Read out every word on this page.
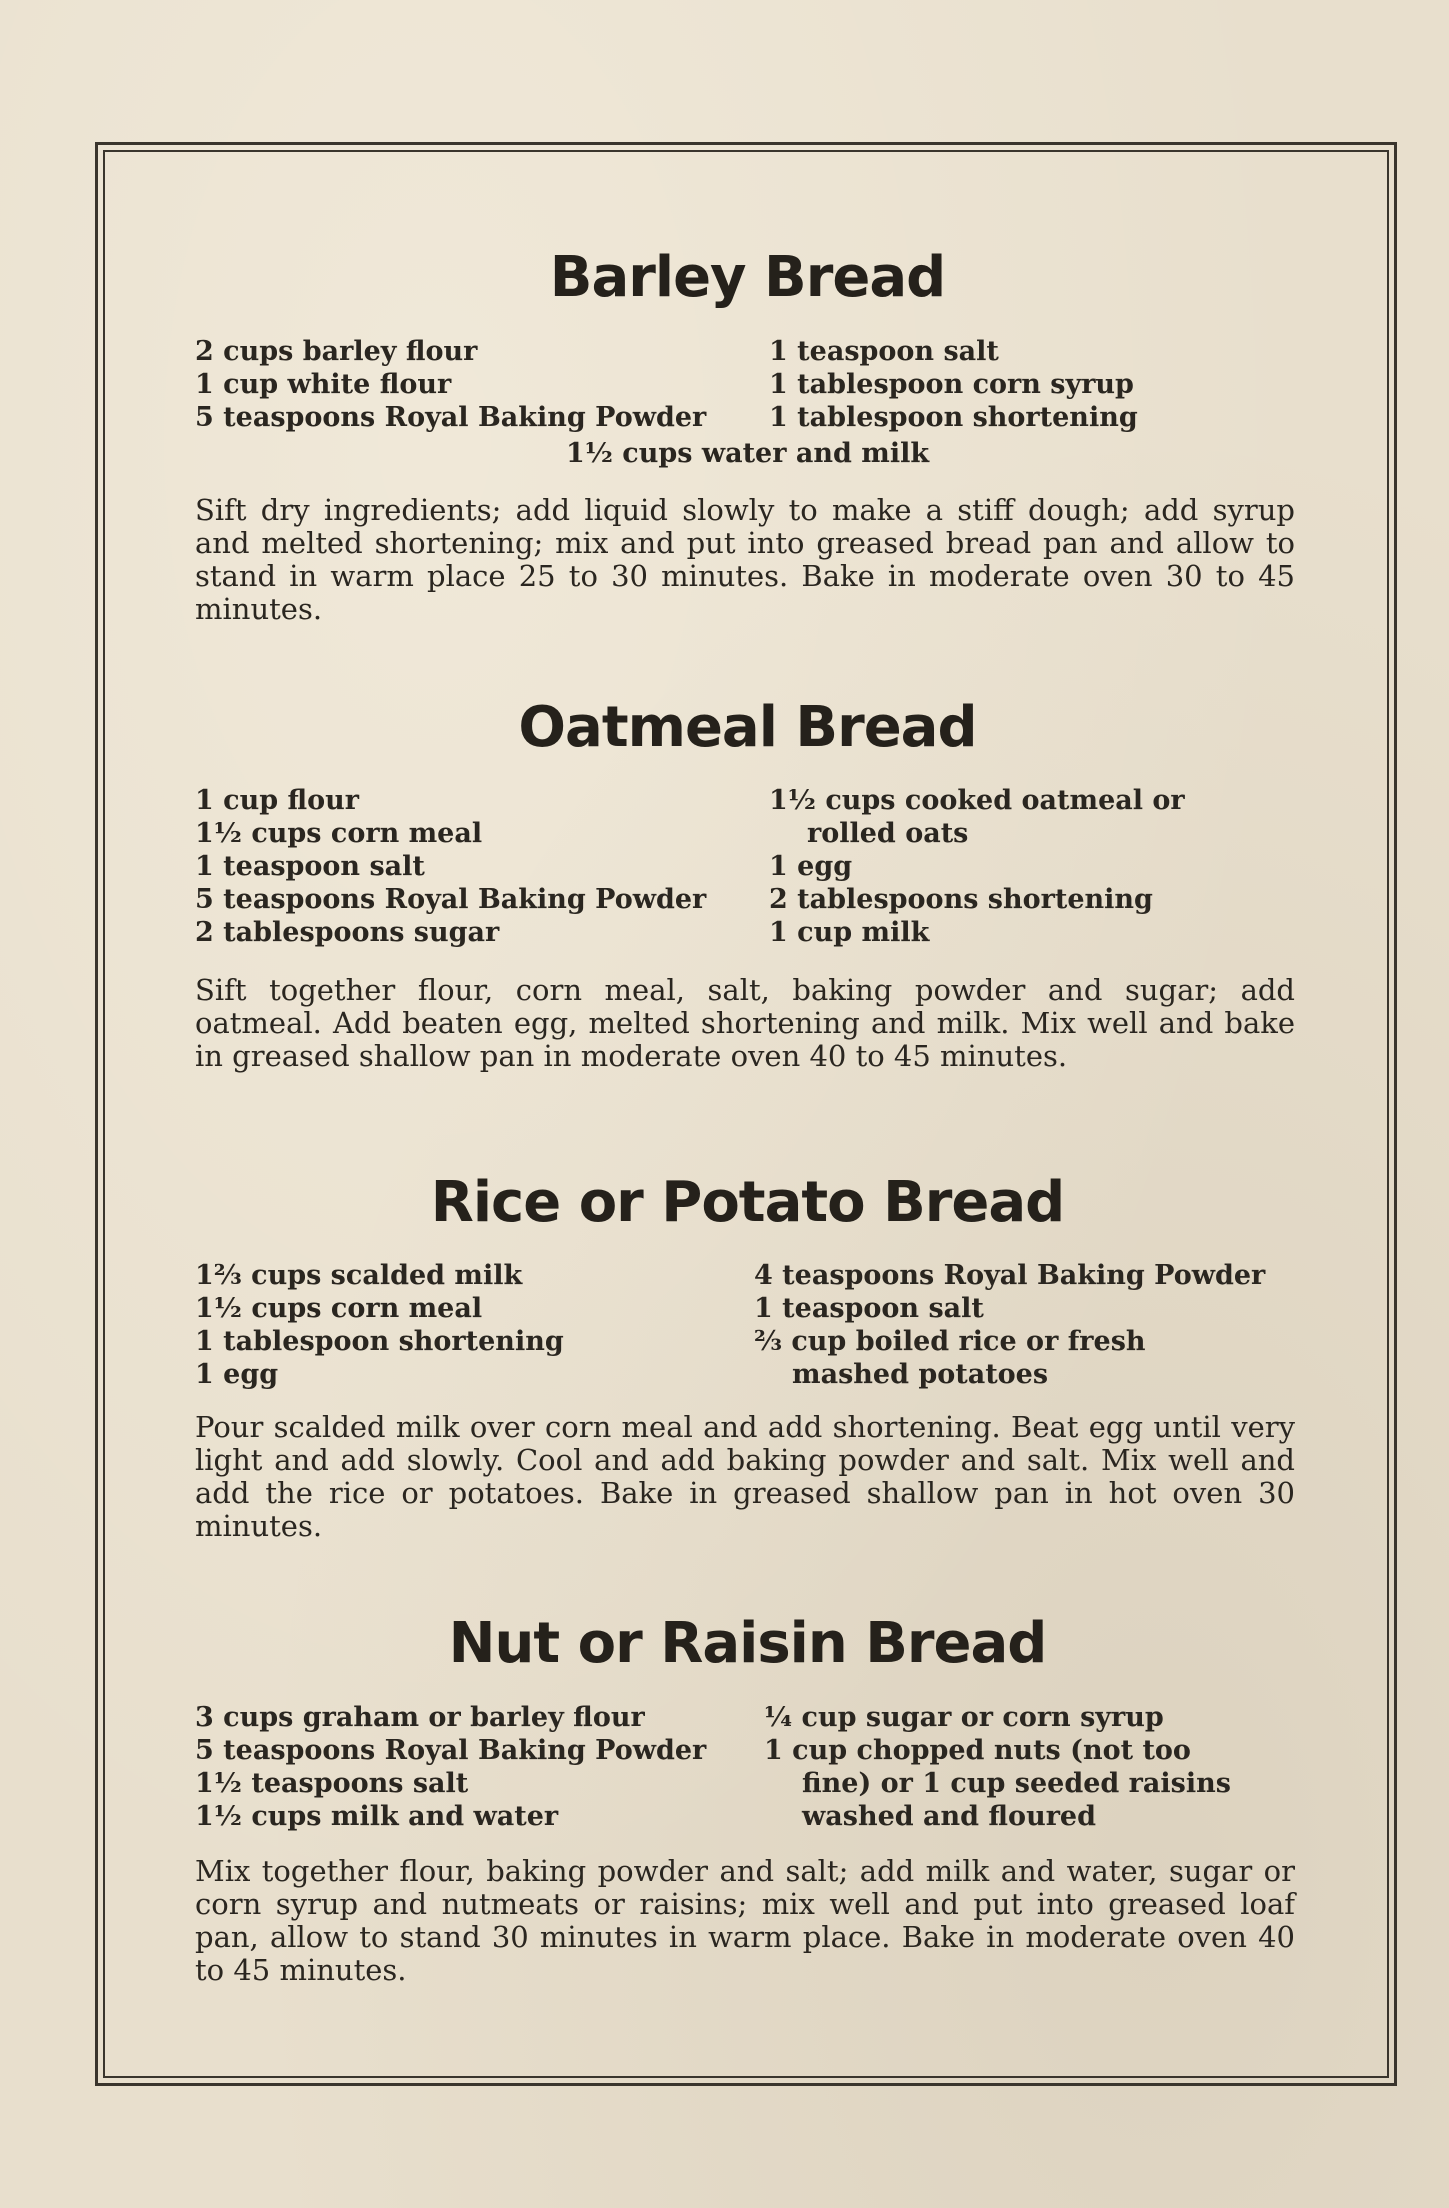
Barley Bread
2 cups barley flour
1 cup white flour
5 teaspoons Royal Baking Powder
1 teaspoon salt
1 tablespoon corn syrup
1 tablespoon shortening
1½ cups water and milk

Sift dry ingredients; add liquid slowly to make a stiff dough; add syrup and melted shortening; mix and put into greased bread pan and allow to stand in warm place 25 to 30 minutes. Bake in moderate oven 30 to 45 minutes.

Oatmeal Bread
1 cup flour
1½ cups corn meal
1 teaspoon salt
5 teaspoons Royal Baking Powder
2 tablespoons sugar
1½ cups cooked oatmeal or
rolled oats
1 egg
2 tablespoons shortening
1 cup milk

Sift together flour, corn meal, salt, baking powder and sugar; add oatmeal. Add beaten egg, melted shortening and milk. Mix well and bake in greased shallow pan in moderate oven 40 to 45 minutes.

Rice or Potato Bread
1⅔ cups scalded milk
1½ cups corn meal
1 tablespoon shortening
1 egg
4 teaspoons Royal Baking Powder
1 teaspoon salt
⅔ cup boiled rice or fresh
mashed potatoes

Pour scalded milk over corn meal and add shortening. Beat egg until very light and add slowly. Cool and add baking powder and salt. Mix well and add the rice or potatoes. Bake in greased shallow pan in hot oven 30 minutes.

Nut or Raisin Bread
3 cups graham or barley flour
5 teaspoons Royal Baking Powder
1½ teaspoons salt
1½ cups milk and water
¼ cup sugar or corn syrup
1 cup chopped nuts (not too
fine) or 1 cup seeded raisins
washed and floured

Mix together flour, baking powder and salt; add milk and water, sugar or corn syrup and nutmeats or raisins; mix well and put into greased loaf pan, allow to stand 30 minutes in warm place. Bake in moderate oven 40 to 45 minutes.
